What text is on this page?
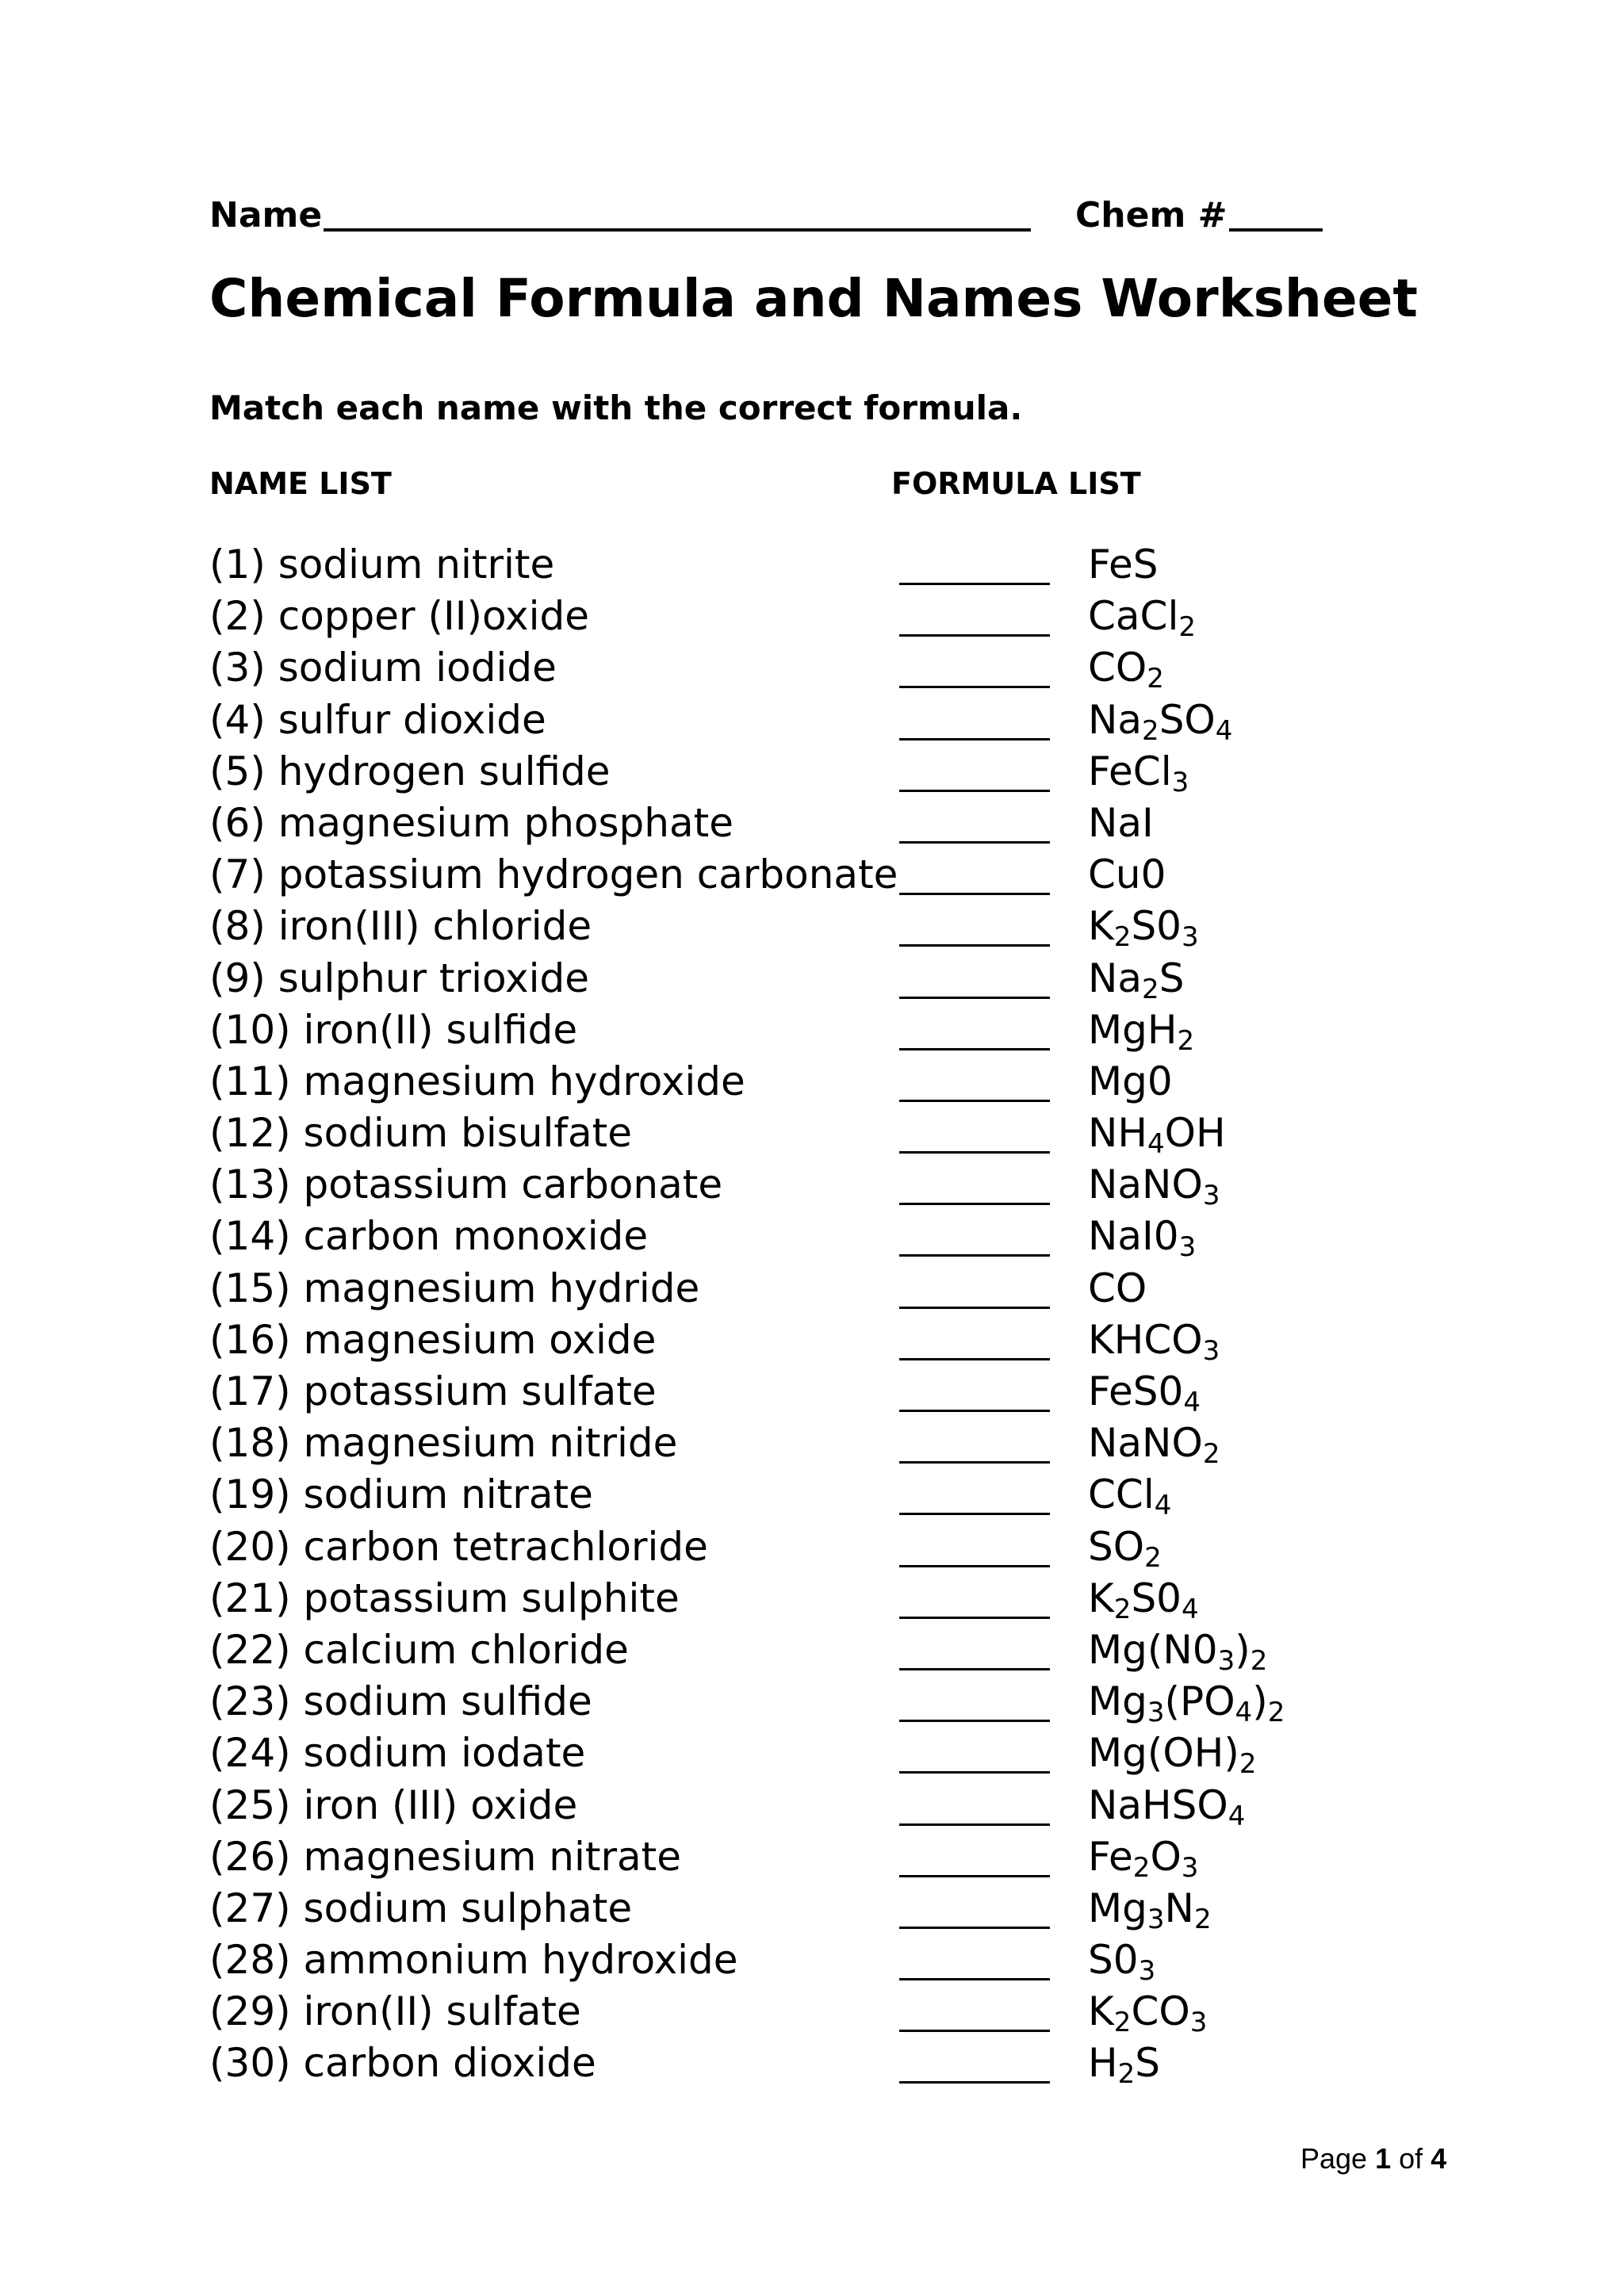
Name	Chem #
Chemical Formula and Names Worksheet
Match each name with the correct formula.
NAME LIST	FORMULA LIST
(1) sodium nitrite	FeS
(2) copper (II)oxide	CaCl$_2$
(3) sodium iodide	$CO_2$
(4) sulfur dioxide	$Na_2SO_4$
(5) hydrogen sulfide	FeCl$_3$
(6) magnesium phosphate	NaI
(7) potassium hydrogen carbonate	Cu0
(8) iron(III) chloride	$K_2S0_3$
(9) sulphur trioxide	$Na_2S$
(10) iron(II) sulfide	MgH$_2$
(11) magnesium hydroxide	Mg0
(12) sodium bisulfate	$NH_4OH$
(13) potassium carbonate	NaNO$_3$
(14) carbon monoxide	$NaI0_3$
(15) magnesium hydride	CO
(16) magnesium oxide	$KHCO_3$
(17) potassium sulfate	$FeS0_4$
(18) magnesium nitride	NaNO$_2$
(19) sodium nitrate	CCl$_4$
(20) carbon tetrachloride	$SO_2$
(21) potassium sulphite	$K_2S0_4$
(22) calcium chloride	$Mg(N0_3)_2$
(23) sodium sulfide	$Mg_3(PO_4)_2$
(24) sodium iodate	$Mg(OH)_2$
(25) iron (III) oxide	NaHSO$_4$
(26) magnesium nitrate	$Fe_2O_3$
(27) sodium sulphate	$Mg_3N_2$
(28) ammonium hydroxide	$S0_3$
(29) iron(II) sulfate	$K_2CO_3$
(30) carbon dioxide	$H_2S$
Page 1 of 4
